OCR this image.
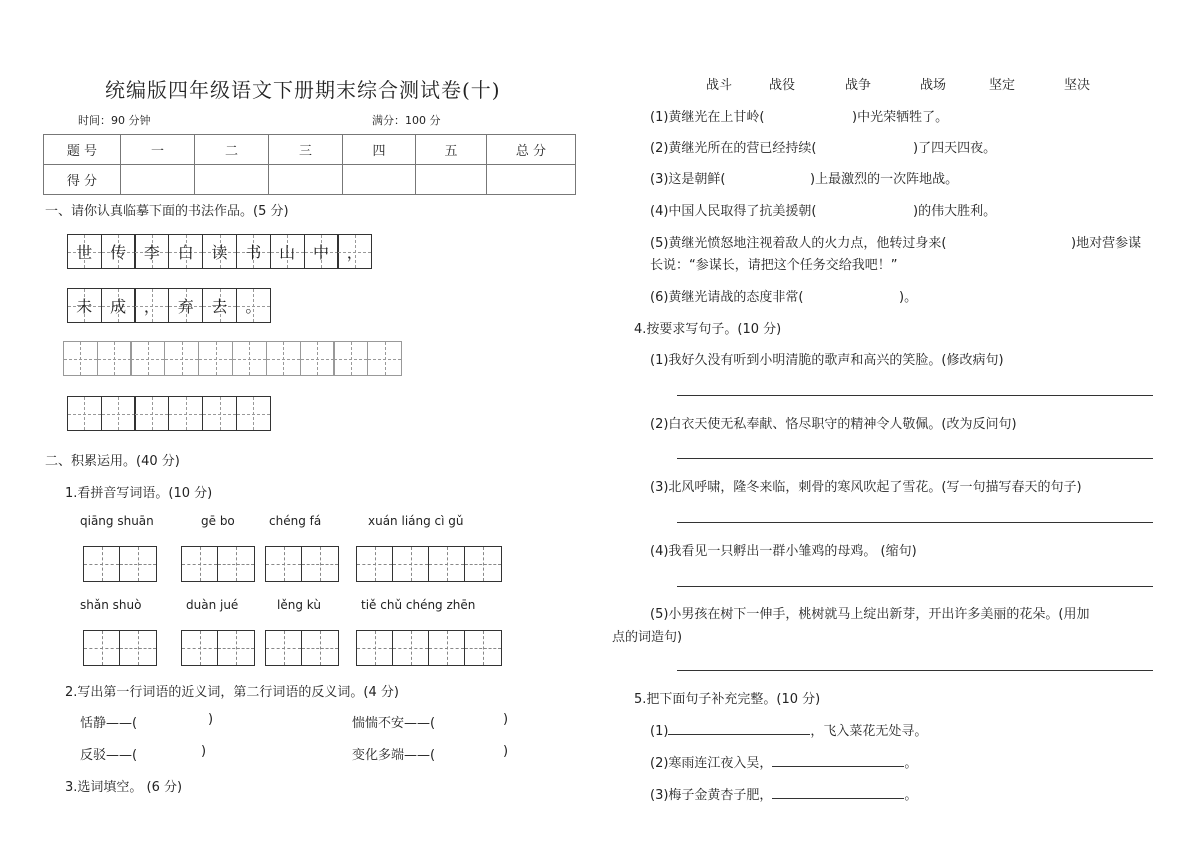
统编版四年级语文下册期末综合测试卷(十)
时间：90 分钟	满分：100 分
题 号	一	二	三	四	五	总 分
得 分						
一、请你认真临摹下面的书法作品。(5 分)
世 传 李 白 读 书 山 中 ，
未 成 ， 弃 去 。
二、积累运用。(40 分)
1.看拼音写词语。(10 分)
qiāng shuān	gē bo	chéng fá	xuán liáng cì gǔ
shǎn shuò	duàn jué	lěng kù	tiě chǔ chéng zhēn
2.写出第一行词语的近义词，第二行词语的反义词。(4 分)
恬静——(	)	惴惴不安——(	)
反驳——(	)	变化多端——(	)
3.选词填空。 (6 分)
战斗	战役	战争	战场	坚定	坚决
(1)黄继光在上甘岭(	)中光荣牺牲了。
(2)黄继光所在的营已经持续(	)了四天四夜。
(3)这是朝鲜(	)上最激烈的一次阵地战。
(4)中国人民取得了抗美援朝(	)的伟大胜利。
(5)黄继光愤怒地注视着敌人的火力点，他转过身来(	)地对营参谋
长说：“参谋长，请把这个任务交给我吧！”
(6)黄继光请战的态度非常(	)。
4.按要求写句子。(10 分)
(1)我好久没有听到小明清脆的歌声和高兴的笑脸。(修改病句)
(2)白衣天使无私奉献、恪尽职守的精神令人敬佩。(改为反问句)
(3)北风呼啸，隆冬来临，刺骨的寒风吹起了雪花。(写一句描写春天的句子)
(4)我看见一只孵出一群小雏鸡的母鸡。 (缩句)
(5)小男孩在树下一伸手，桃树就马上绽出新芽，开出许多美丽的花朵。(用加
点的词造句)
5.把下面句子补充完整。(10 分)
(1)	，飞入菜花无处寻。
(2)寒雨连江夜入吴，	。
(3)梅子金黄杏子肥，	。
